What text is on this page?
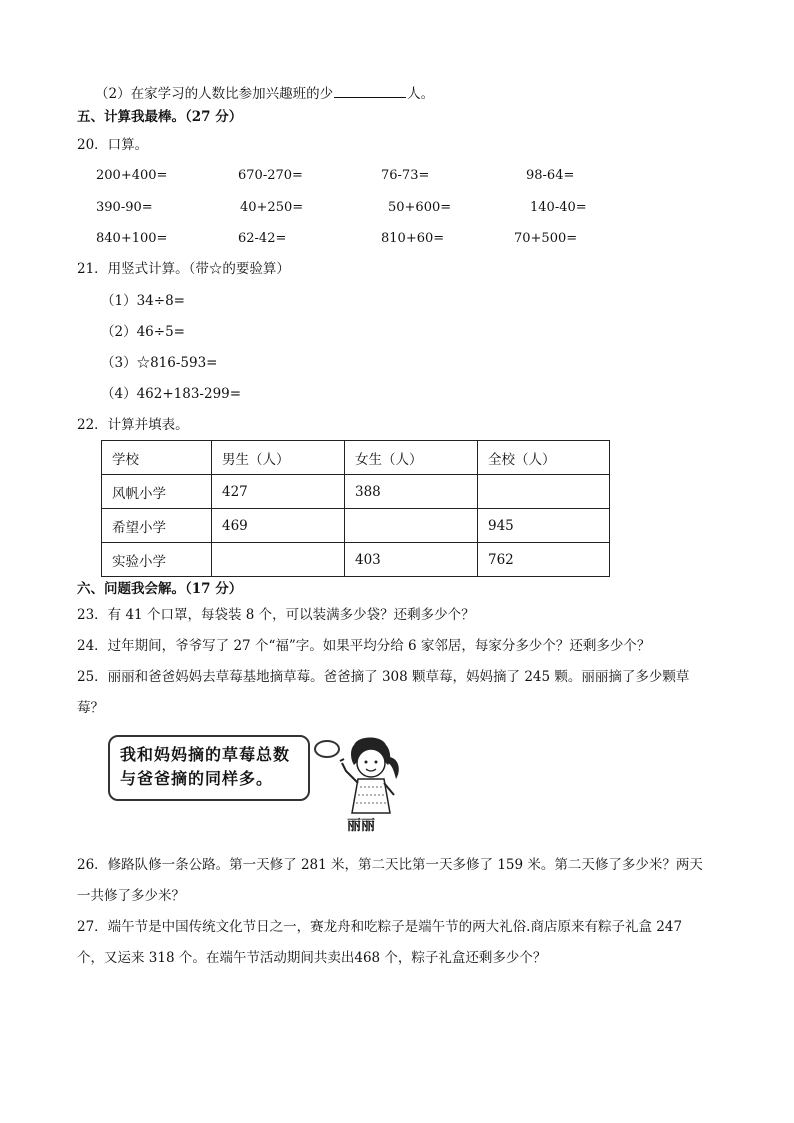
（2）在家学习的人数比参加兴趣班的少	人。
五、计算我最棒。（27 分）
20．口算。
200+400=	670-270=	76-73=	98-64=
390-90=	40+250=	50+600=	140-40=
840+100=	62-42=	810+60=	70+500=
21．用竖式计算。（带☆的要验算）
（1）34÷8=
（2）46÷5=
（3）☆816-593=
（4）462+183-299=
22．计算并填表。
学校	男生（人）	女生（人）	全校（人）
风帆小学	427	388	
希望小学	469		945
实验小学		403	762
六、问题我会解。（17 分）
23．有 41 个口罩，每袋装 8 个，可以装满多少袋？还剩多少个？
24．过年期间，爷爷写了 27 个“福”字。如果平均分给 6 家邻居，每家分多少个？还剩多少个？
25．丽丽和爸爸妈妈去草莓基地摘草莓。爸爸摘了 308 颗草莓，妈妈摘了 245 颗。丽丽摘了多少颗草
莓？
我和妈妈摘的草莓总数
与爸爸摘的同样多。
丽丽
26．修路队修一条公路。第一天修了 281 米，第二天比第一天多修了 159 米。第二天修了多少米？两天
一共修了多少米？
27．端午节是中国传统文化节日之一，赛龙舟和吃粽子是端午节的两大礼俗.商店原来有粽子礼盒 247
个，又运来 318 个。在端午节活动期间共卖出468 个，粽子礼盒还剩多少个？
